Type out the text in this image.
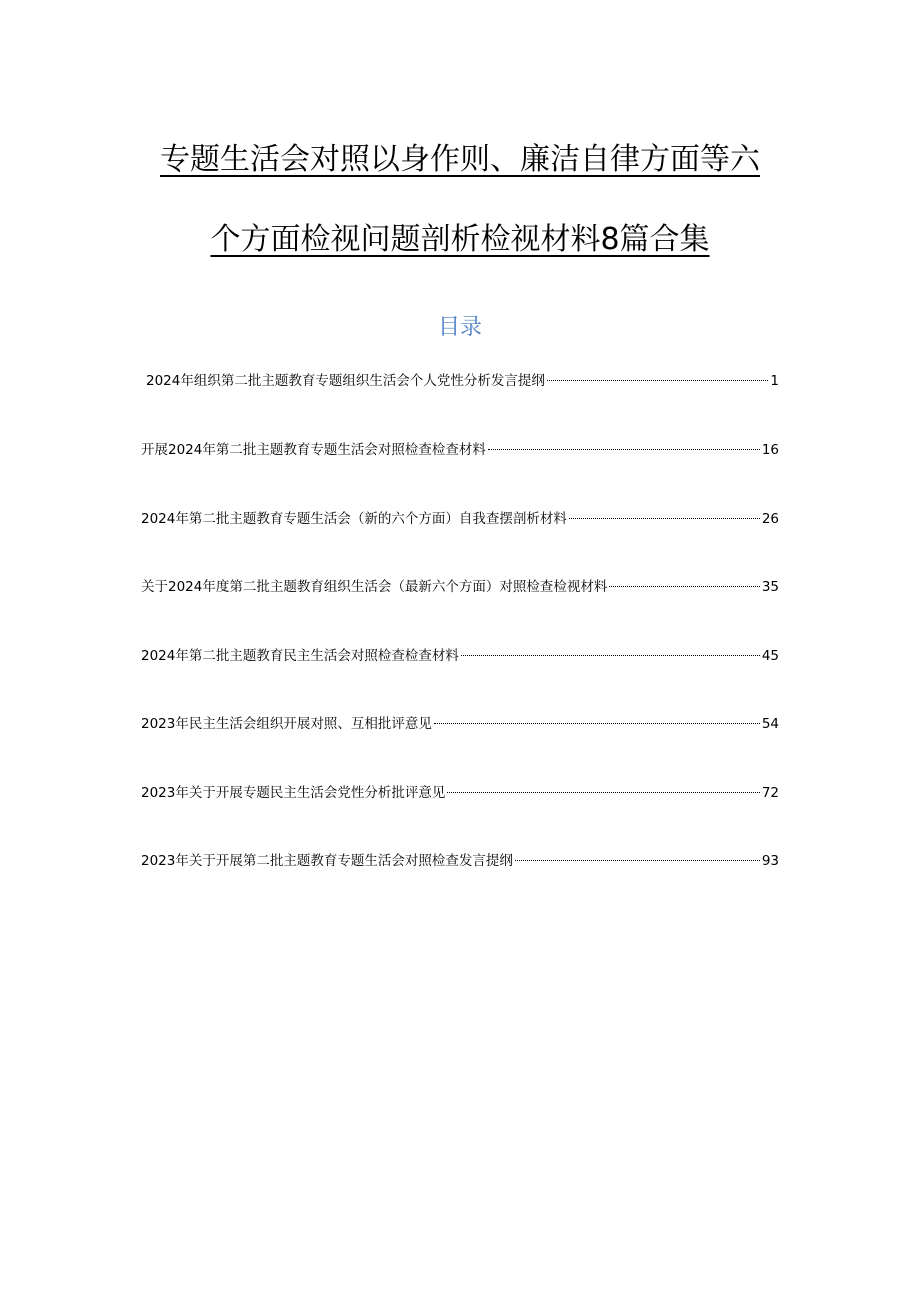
专题生活会对照以身作则、廉洁自律方面等六
个方面检视问题剖析检视材料8篇合集
目录
2024年组织第二批主题教育专题组织生活会个人党性分析发言提纲	1
开展2024年第二批主题教育专题生活会对照检查检查材料	16
2024年第二批主题教育专题生活会（新的六个方面）自我查摆剖析材料	26
关于2024年度第二批主题教育组织生活会（最新六个方面）对照检查检视材料	35
2024年第二批主题教育民主生活会对照检查检查材料	45
2023年民主生活会组织开展对照、互相批评意见	54
2023年关于开展专题民主生活会党性分析批评意见	72
2023年关于开展第二批主题教育专题生活会对照检查发言提纲	93
